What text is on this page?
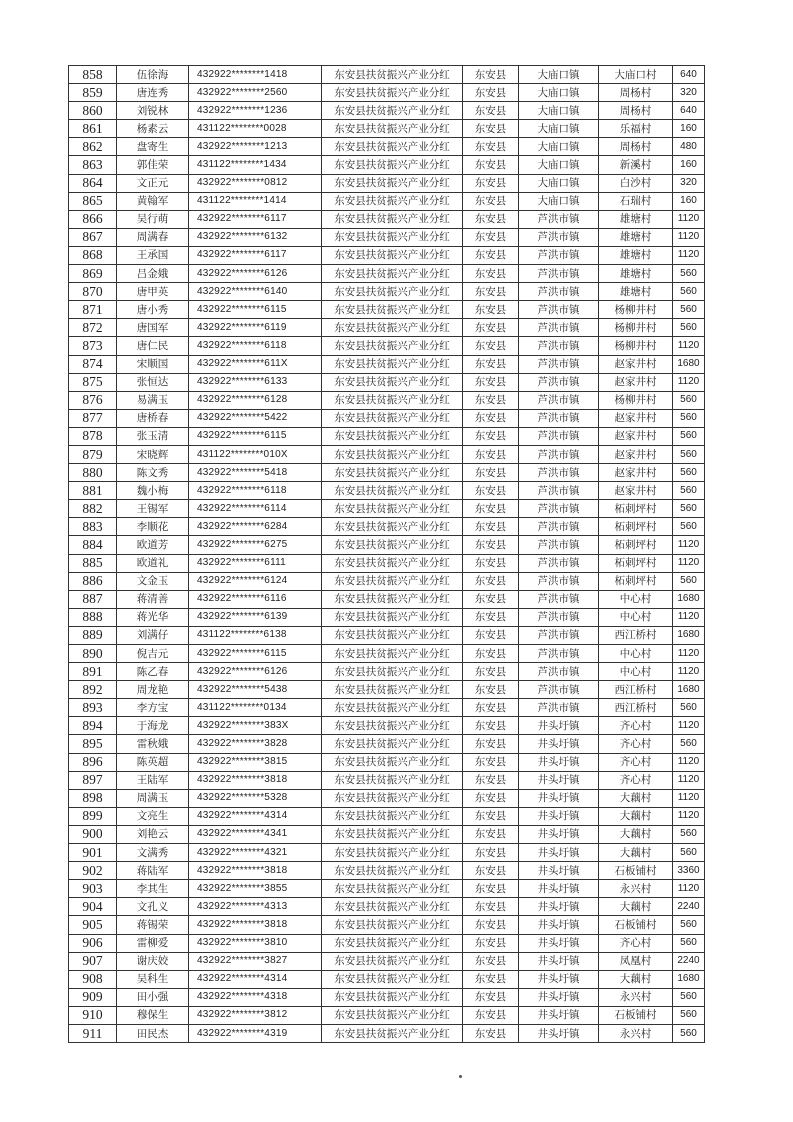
858	伍徐海	432922********1418	东安县扶贫振兴产业分红	东安县	大庙口镇	大庙口村	640
859	唐连秀	432922********2560	东安县扶贫振兴产业分红	东安县	大庙口镇	周杨村	320
860	刘锐林	432922********1236	东安县扶贫振兴产业分红	东安县	大庙口镇	周杨村	640
861	杨素云	431122********0028	东安县扶贫振兴产业分红	东安县	大庙口镇	乐福村	160
862	盘寄生	432922********1213	东安县扶贫振兴产业分红	东安县	大庙口镇	周杨村	480
863	郭佳荣	431122********1434	东安县扶贫振兴产业分红	东安县	大庙口镇	新溪村	160
864	文正元	432922********0812	东安县扶贫振兴产业分红	东安县	大庙口镇	白沙村	320
865	黄翰军	431122********1414	东安县扶贫振兴产业分红	东安县	大庙口镇	石瑞村	160
866	吴行萌	432922********6117	东安县扶贫振兴产业分红	东安县	芦洪市镇	雄塘村	1120
867	周满春	432922********6132	东安县扶贫振兴产业分红	东安县	芦洪市镇	雄塘村	1120
868	王承国	432922********6117	东安县扶贫振兴产业分红	东安县	芦洪市镇	雄塘村	1120
869	吕金娥	432922********6126	东安县扶贫振兴产业分红	东安县	芦洪市镇	雄塘村	560
870	唐甲英	432922********6140	东安县扶贫振兴产业分红	东安县	芦洪市镇	雄塘村	560
871	唐小秀	432922********6115	东安县扶贫振兴产业分红	东安县	芦洪市镇	杨柳井村	560
872	唐国军	432922********6119	东安县扶贫振兴产业分红	东安县	芦洪市镇	杨柳井村	560
873	唐仁民	432922********6118	东安县扶贫振兴产业分红	东安县	芦洪市镇	杨柳井村	1120
874	宋顺国	432922********611X	东安县扶贫振兴产业分红	东安县	芦洪市镇	赵家井村	1680
875	张恒达	432922********6133	东安县扶贫振兴产业分红	东安县	芦洪市镇	赵家井村	1120
876	易满玉	432922********6128	东安县扶贫振兴产业分红	东安县	芦洪市镇	杨柳井村	560
877	唐桥春	432922********5422	东安县扶贫振兴产业分红	东安县	芦洪市镇	赵家井村	560
878	张玉清	432922********6115	东安县扶贫振兴产业分红	东安县	芦洪市镇	赵家井村	560
879	宋晓辉	431122********010X	东安县扶贫振兴产业分红	东安县	芦洪市镇	赵家井村	560
880	陈文秀	432922********5418	东安县扶贫振兴产业分红	东安县	芦洪市镇	赵家井村	560
881	魏小梅	432922********6118	东安县扶贫振兴产业分红	东安县	芦洪市镇	赵家井村	560
882	王锡军	432922********6114	东安县扶贫振兴产业分红	东安县	芦洪市镇	柘刺坪村	560
883	李顺花	432922********6284	东安县扶贫振兴产业分红	东安县	芦洪市镇	柘刺坪村	560
884	欧道芳	432922********6275	东安县扶贫振兴产业分红	东安县	芦洪市镇	柘刺坪村	1120
885	欧道礼	432922********6111	东安县扶贫振兴产业分红	东安县	芦洪市镇	柘刺坪村	1120
886	文金玉	432922********6124	东安县扶贫振兴产业分红	东安县	芦洪市镇	柘刺坪村	560
887	蒋清善	432922********6116	东安县扶贫振兴产业分红	东安县	芦洪市镇	中心村	1680
888	蒋光华	432922********6139	东安县扶贫振兴产业分红	东安县	芦洪市镇	中心村	1120
889	刘满仔	431122********6138	东安县扶贫振兴产业分红	东安县	芦洪市镇	西江桥村	1680
890	倪吉元	432922********6115	东安县扶贫振兴产业分红	东安县	芦洪市镇	中心村	1120
891	陈乙春	432922********6126	东安县扶贫振兴产业分红	东安县	芦洪市镇	中心村	1120
892	周龙艳	432922********5438	东安县扶贫振兴产业分红	东安县	芦洪市镇	西江桥村	1680
893	李方宝	431122********0134	东安县扶贫振兴产业分红	东安县	芦洪市镇	西江桥村	560
894	于海龙	432922********383X	东安县扶贫振兴产业分红	东安县	井头圩镇	齐心村	1120
895	雷秋娥	432922********3828	东安县扶贫振兴产业分红	东安县	井头圩镇	齐心村	560
896	陈英超	432922********3815	东安县扶贫振兴产业分红	东安县	井头圩镇	齐心村	1120
897	王陆军	432922********3818	东安县扶贫振兴产业分红	东安县	井头圩镇	齐心村	1120
898	周满玉	432922********5328	东安县扶贫振兴产业分红	东安县	井头圩镇	大藕村	1120
899	文亮生	432922********4314	东安县扶贫振兴产业分红	东安县	井头圩镇	大藕村	1120
900	刘艳云	432922********4341	东安县扶贫振兴产业分红	东安县	井头圩镇	大藕村	560
901	文满秀	432922********4321	东安县扶贫振兴产业分红	东安县	井头圩镇	大藕村	560
902	蒋陆军	432922********3818	东安县扶贫振兴产业分红	东安县	井头圩镇	石板铺村	3360
903	李其生	432922********3855	东安县扶贫振兴产业分红	东安县	井头圩镇	永兴村	1120
904	文孔义	432922********4313	东安县扶贫振兴产业分红	东安县	井头圩镇	大藕村	2240
905	蒋锡荣	432922********3818	东安县扶贫振兴产业分红	东安县	井头圩镇	石板铺村	560
906	雷柳爱	432922********3810	东安县扶贫振兴产业分红	东安县	井头圩镇	齐心村	560
907	谢庆姣	432922********3827	东安县扶贫振兴产业分红	东安县	井头圩镇	凤凰村	2240
908	吴科生	432922********4314	东安县扶贫振兴产业分红	东安县	井头圩镇	大藕村	1680
909	田小强	432922********4318	东安县扶贫振兴产业分红	东安县	井头圩镇	永兴村	560
910	穆保生	432922********3812	东安县扶贫振兴产业分红	东安县	井头圩镇	石板铺村	560
911	田民杰	432922********4319	东安县扶贫振兴产业分红	东安县	井头圩镇	永兴村	560
